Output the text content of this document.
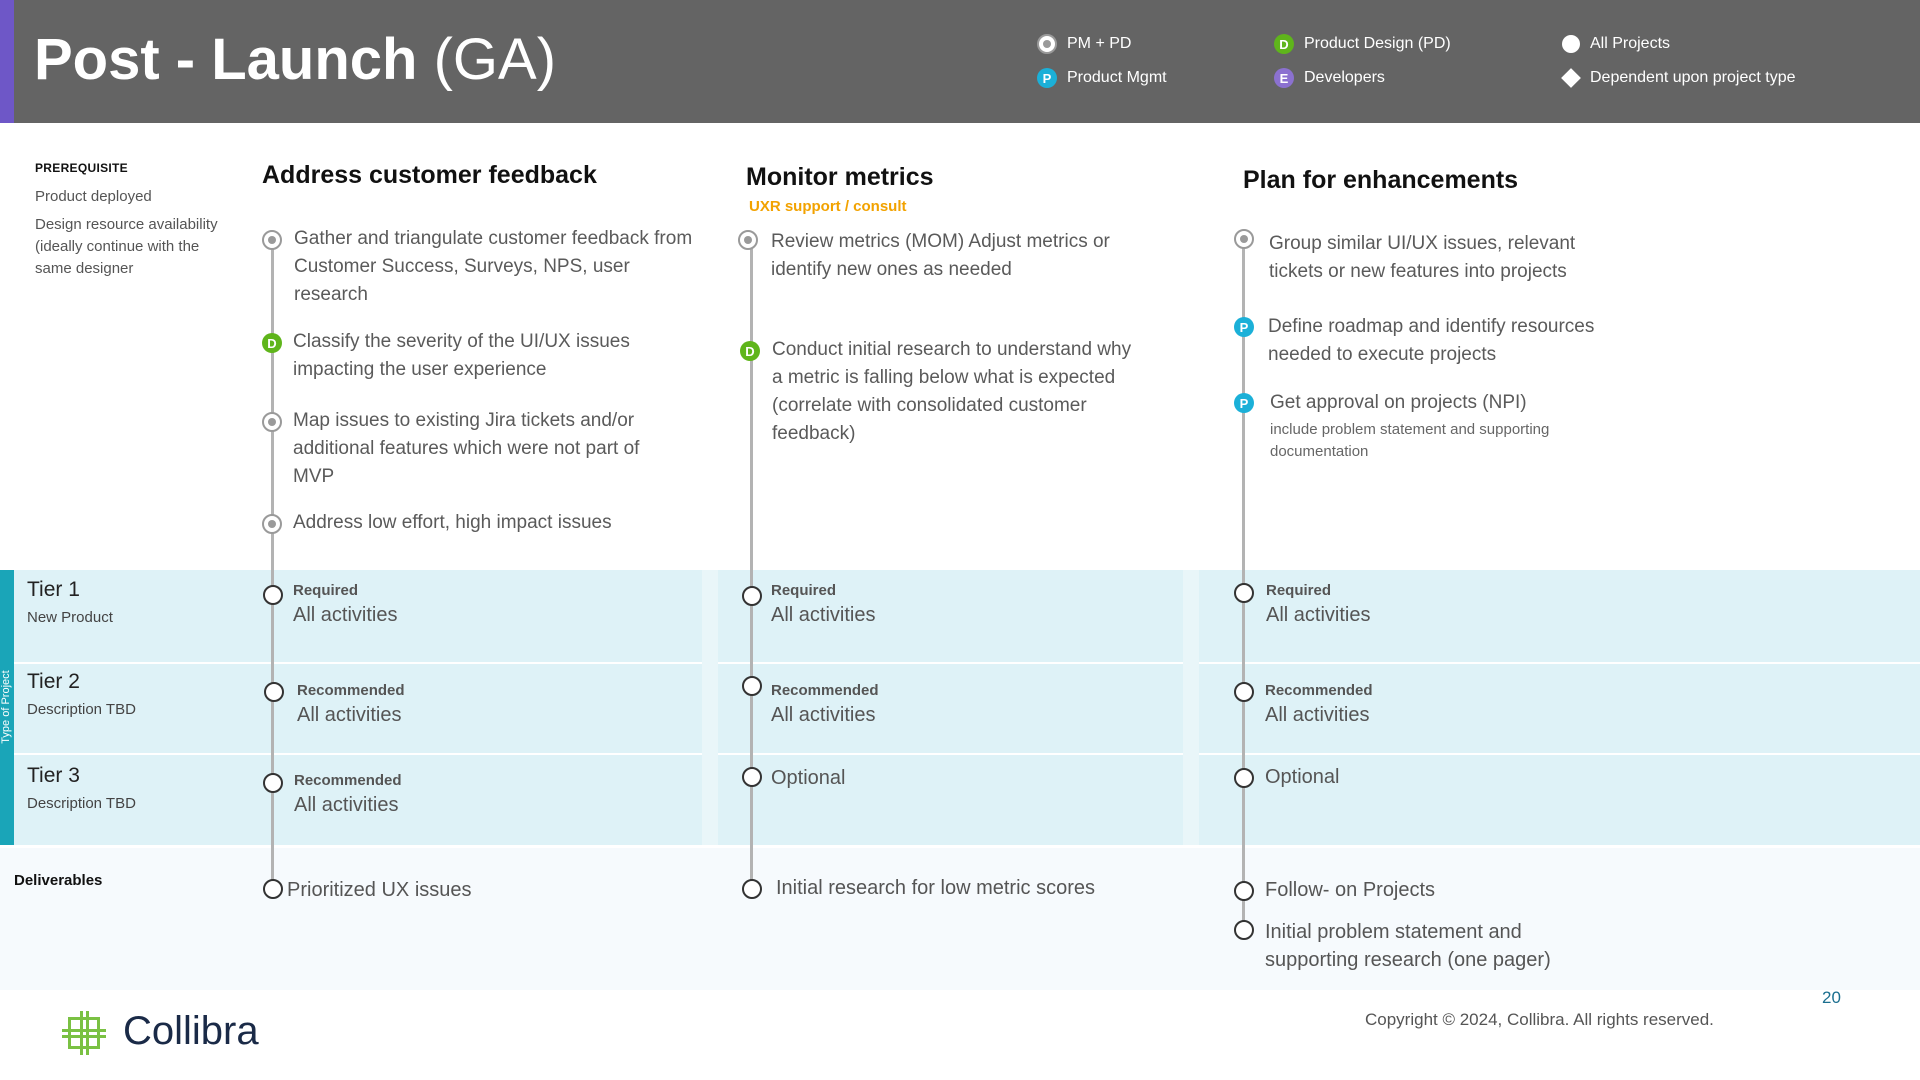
Post - Launch (GA)	PM + PD
P Product Mgmt
D Product Design (PD)
E Developers
All Projects
Dependent upon project type
Type of Project
Tier 1
New Product
Tier 2
Description TBD
Tier 3
Description TBD
Deliverables
PREREQUISITE
Product deployed
Design resource availability (ideally continue with the same designer
Address customer feedback
Gather and triangulate customer feedback from Customer Success, Surveys, NPS, user research
D Classify the severity of the UI/UX issues impacting the user experience
Map issues to existing Jira tickets and/or additional features which were not part of MVP
Address low effort, high impact issues
Required
All activities
Recommended
All activities
Recommended
All activities
Prioritized UX issues
Monitor metrics
UXR support / consult
Review metrics (MOM) Adjust metrics or identify new ones as needed
D Conduct initial research to understand why a metric is falling below what is expected (correlate with consolidated customer feedback)
Required
All activities
Recommended
All activities
Optional
Initial research for low metric scores
Plan for enhancements
Group similar UI/UX issues, relevant tickets or new features into projects
P Define roadmap and identify resources needed to execute projects
P Get approval on projects (NPI)
include problem statement and supporting documentation
Required
All activities
Recommended
All activities
Optional
Follow- on Projects
Initial problem statement and supporting research (one pager)
Collibra	Copyright © 2024, Collibra. All rights reserved.
20
